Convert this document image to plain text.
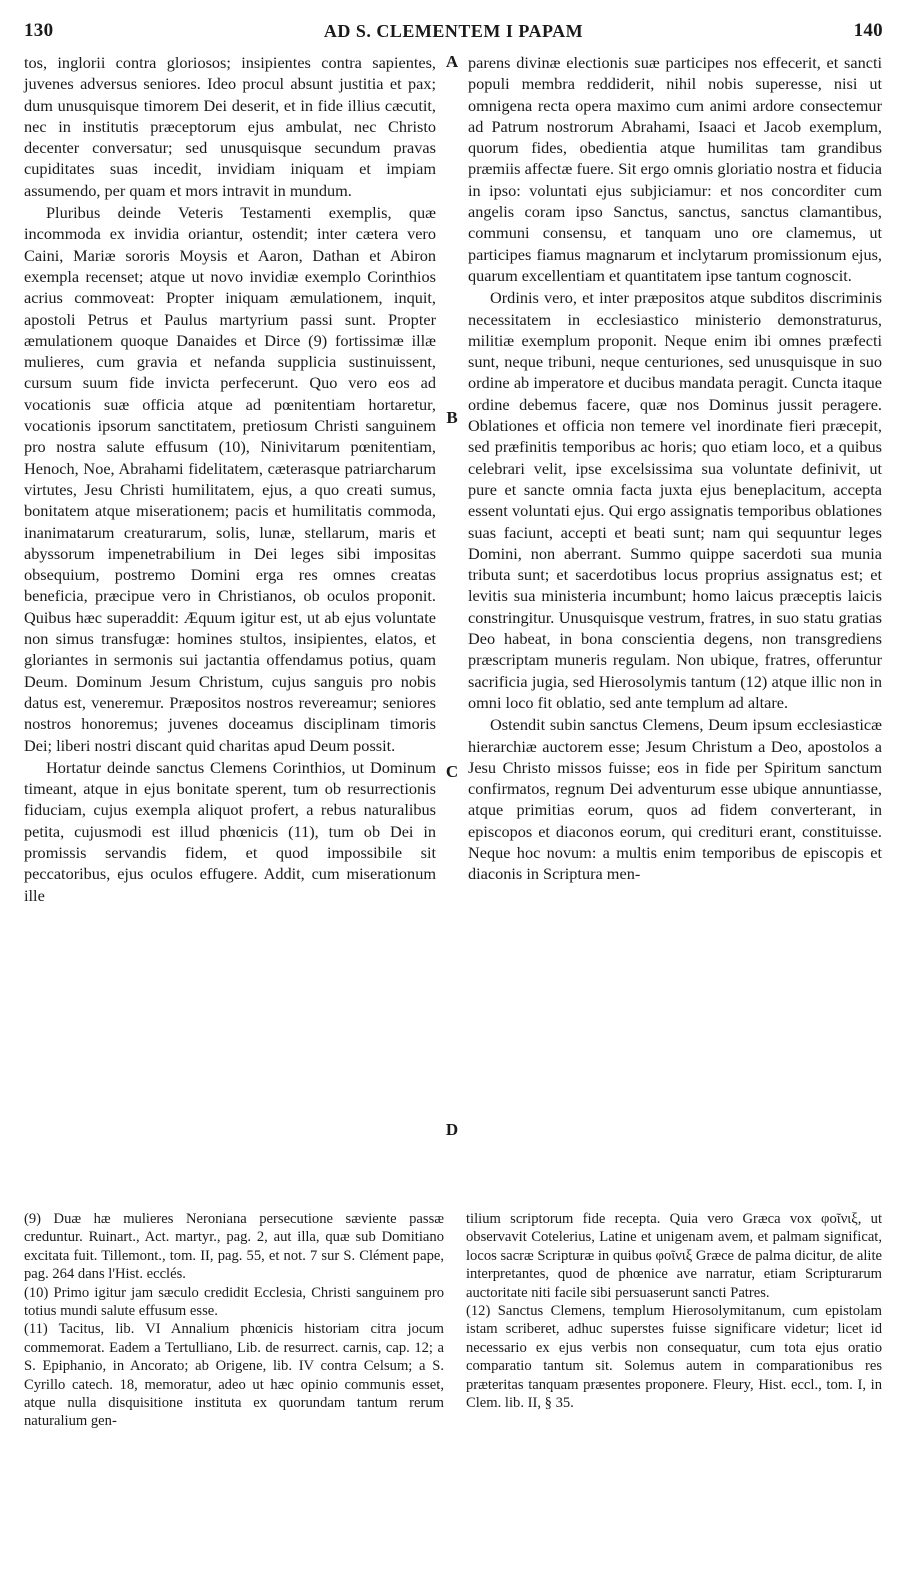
130	AD S. CLEMENTEM I PAPAM	140

tos, inglorii contra gloriosos; insipientes contra sapientes, juvenes adversus seniores. Ideo procul absunt justitia et pax; dum unusquisque timorem Dei deserit, et in fide illius cæcutit, nec in institutis præceptorum ejus ambulat, nec Christo decenter conversatur; sed unusquisque secundum pravas cupiditates suas incedit, invidiam iniquam et impiam assumendo, per quam et mors intravit in mundum.

Pluribus deinde Veteris Testamenti exemplis, quæ incommoda ex invidia oriantur, ostendit; inter cætera vero Caini, Mariæ sororis Moysis et Aaron, Dathan et Abiron exempla recenset; atque ut novo invidiæ exemplo Corinthios acrius commoveat: Propter iniquam æmulationem, inquit, apostoli Petrus et Paulus martyrium passi sunt. Propter æmulationem quoque Danaides et Dirce (9) fortissimæ illæ mulieres, cum gravia et nefanda supplicia sustinuissent, cursum suum fide invicta perfecerunt. Quo vero eos ad vocationis suæ officia atque ad pœnitentiam hortaretur, vocationis ipsorum sanctitatem, pretiosum Christi sanguinem pro nostra salute effusum (10), Ninivitarum pœnitentiam, Henoch, Noe, Abrahami fidelitatem, cæterasque patriarcharum virtutes, Jesu Christi humilitatem, ejus, a quo creati sumus, bonitatem atque miserationem; pacis et humilitatis commoda, inanimatarum creaturarum, solis, lunæ, stellarum, maris et abyssorum impenetrabilium in Dei leges sibi impositas obsequium, postremo Domini erga res omnes creatas beneficia, præcipue vero in Christianos, ob oculos proponit. Quibus hæc superaddit: Æquum igitur est, ut ab ejus voluntate non simus transfugæ: homines stultos, insipientes, elatos, et gloriantes in sermonis sui jactantia offendamus potius, quam Deum. Dominum Jesum Christum, cujus sanguis pro nobis datus est, veneremur. Præpositos nostros revereamur; seniores nostros honoremus; juvenes doceamus disciplinam timoris Dei; liberi nostri discant quid charitas apud Deum possit.

Hortatur deinde sanctus Clemens Corinthios, ut Dominum timeant, atque in ejus bonitate sperent, tum ob resurrectionis fiduciam, cujus exempla aliquot profert, a rebus naturalibus petita, cujusmodi est illud phœnicis (11), tum ob Dei in promissis servandis fidem, et quod impossibile sit peccatoribus, ejus oculos effugere. Addit, cum miserationum ille

A
B
C
D

parens divinæ electionis suæ participes nos effecerit, et sancti populi membra reddiderit, nihil nobis superesse, nisi ut omnigena recta opera maximo cum animi ardore consectemur ad Patrum nostrorum Abrahami, Isaaci et Jacob exemplum, quorum fides, obedientia atque humilitas tam grandibus præmiis affectæ fuere. Sit ergo omnis gloriatio nostra et fiducia in ipso: voluntati ejus subjiciamur: et nos concorditer cum angelis coram ipso Sanctus, sanctus, sanctus clamantibus, communi consensu, et tanquam uno ore clamemus, ut participes fiamus magnarum et inclytarum promissionum ejus, quarum excellentiam et quantitatem ipse tantum cognoscit.

Ordinis vero, et inter præpositos atque subditos discriminis necessitatem in ecclesiastico ministerio demonstraturus, militiæ exemplum proponit. Neque enim ibi omnes præfecti sunt, neque tribuni, neque centuriones, sed unusquisque in suo ordine ab imperatore et ducibus mandata peragit. Cuncta itaque ordine debemus facere, quæ nos Dominus jussit peragere. Oblationes et officia non temere vel inordinate fieri præcepit, sed præfinitis temporibus ac horis; quo etiam loco, et a quibus celebrari velit, ipse excelsissima sua voluntate definivit, ut pure et sancte omnia facta juxta ejus beneplacitum, accepta essent voluntati ejus. Qui ergo assignatis temporibus oblationes suas faciunt, accepti et beati sunt; nam qui sequuntur leges Domini, non aberrant. Summo quippe sacerdoti sua munia tributa sunt; et sacerdotibus locus proprius assignatus est; et levitis sua ministeria incumbunt; homo laicus præceptis laicis constringitur. Unusquisque vestrum, fratres, in suo statu gratias Deo habeat, in bona conscientia degens, non transgrediens præscriptam muneris regulam. Non ubique, fratres, offeruntur sacrificia jugia, sed Hierosolymis tantum (12) atque illic non in omni loco fit oblatio, sed ante templum ad altare.

Ostendit subin sanctus Clemens, Deum ipsum ecclesiasticæ hierarchiæ auctorem esse; Jesum Christum a Deo, apostolos a Jesu Christo missos fuisse; eos in fide per Spiritum sanctum confirmatos, regnum Dei adventurum esse ubique annuntiasse, atque primitias eorum, quos ad fidem converterant, in episcopos et diaconos eorum, qui credituri erant, constituisse. Neque hoc novum: a multis enim temporibus de episcopis et diaconis in Scriptura men-

(9) Duæ hæ mulieres Neroniana persecutione sæviente passæ creduntur. Ruinart., Act. martyr., pag. 2, aut illa, quæ sub Domitiano excitata fuit. Tillemont., tom. II, pag. 55, et not. 7 sur S. Clément pape, pag. 264 dans l'Hist. ecclés.

(10) Primo igitur jam sæculo credidit Ecclesia, Christi sanguinem pro totius mundi salute effusum esse.

(11) Tacitus, lib. VI Annalium phœnicis historiam citra jocum commemorat. Eadem a Tertulliano, Lib. de resurrect. carnis, cap. 12; a S. Epiphanio, in Ancorato; ab Origene, lib. IV contra Celsum; a S. Cyrillo catech. 18, memoratur, adeo ut hæc opinio communis esset, atque nulla disquisitione instituta ex quorundam tantum rerum naturalium gen-

tilium scriptorum fide recepta. Quia vero Græca vox φοῖνιξ, ut observavit Cotelerius, Latine et unigenam avem, et palmam significat, locos sacræ Scripturæ in quibus φοῖνιξ Græce de palma dicitur, de alite interpretantes, quod de phœnice ave narratur, etiam Scripturarum auctoritate niti facile sibi persuaserunt sancti Patres.

(12) Sanctus Clemens, templum Hierosolymitanum, cum epistolam istam scriberet, adhuc superstes fuisse significare videtur; licet id necessario ex ejus verbis non consequatur, cum tota ejus oratio comparatio tantum sit. Solemus autem in comparationibus res præteritas tanquam præsentes proponere. Fleury, Hist. eccl., tom. I, in Clem. lib. II, § 35.
